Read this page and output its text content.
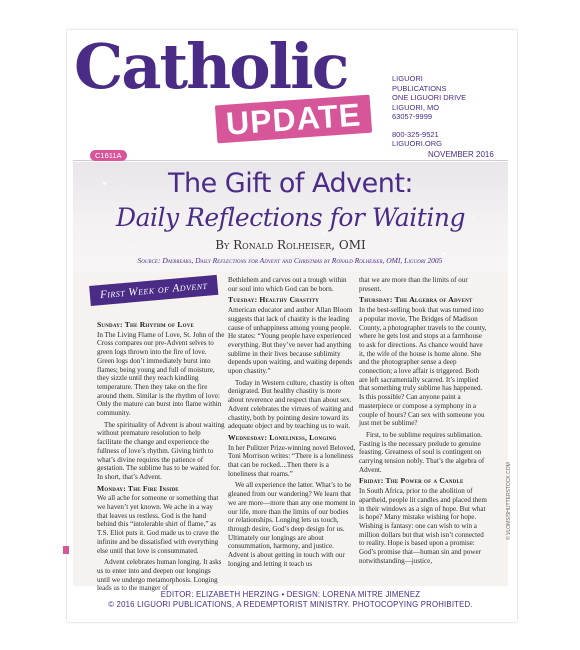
Catholic
UPDATE
LIGUORI
PUBLICATIONS
ONE LIGUORI DRIVE
LIGUORI, MO
63057-9999
800-325-9521
LIGUORI.ORG
C1611A	NOVEMBER 2016
The Gift of Advent:
Daily Reflections for Waiting
By Ronald Rolheiser, OMI
Source: Daybreaks, Daily Reflections for Advent and Christmas by Ronald Rolheiser, OMI, Liguori 2005
First Week of Advent
Sunday: The Rhythm of Love

In The Living Flame of Love, St. John of the Cross compares our pre-Advent selves to green logs thrown into the fire of love. Green logs don’t immediately burst into flames; being young and full of moisture, they sizzle until they reach kindling temperature. Then they take on the fire around them. Similar is the rhythm of love: Only the mature can burst into flame within community.

The spirituality of Advent is about waiting without premature resolution to help facilitate the change and experience the fullness of love’s rhythm. Giving birth to what’s divine requires the patience of gestation. The sublime has to be waited for. In short, that’s Advent.

Monday: The Fire Inside

We all ache for someone or something that we haven’t yet known. We ache in a way that leaves us restless. God is the hand behind this “intolerable shirt of flame,” as T.S. Eliot puts it. God made us to crave the infinite and be dissatisfied with everything else until that love is consummated.

Advent celebrates human longing. It asks us to enter into and deepen our longings until we undergo metamorphosis. Longing leads us to the manger of

Bethlehem and carves out a trough within our soul into which God can be born.

Tuesday: Healthy Chastity

American educator and author Allan Bloom suggests that lack of chastity is the leading cause of unhappiness among young people. He states: “Young people have experienced everything. But they’ve never had anything sublime in their lives because sublimity depends upon waiting, and waiting depends upon chastity.”

Today in Western culture, chastity is often denigrated. But healthy chastity is more about reverence and respect than about sex. Advent celebrates the virtues of waiting and chastity, both by pointing desire toward its adequate object and by teaching us to wait.

Wednesday: Loneliness, Longing

In her Pulitzer Prize-winning novel Beloved, Toni Morrison writes: “There is a loneliness that can be rocked....Then there is a loneliness that roams.”

We all experience the latter. What’s to be gleaned from our wandering? We learn that we are more—more than any one moment in our life, more than the limits of our bodies or relationships. Longing lets us touch, through desire, God’s deep design for us. Ultimately our longings are about consummation, harmony, and justice. Advent is about getting in touch with our longing and letting it teach us

that we are more than the limits of our present.

Thursday: The Algebra of Advent

In the best-selling book that was turned into a popular movie, The Bridges of Madison County, a photographer travels to the county, where he gets lost and stops at a farmhouse to ask for directions. As chance would have it, the wife of the house is home alone. She and the photographer sense a deep connection; a love affair is triggered. Both are left sacramentally scarred. It’s implied that something truly sublime has happened. Is this possible? Can anyone paint a masterpiece or compose a symphony in a couple of hours? Can sex with someone you just met be sublime?

First, to be sublime requires sublimation. Fasting is the necessary prelude to genuine feasting. Greatness of soul is contingent on carrying tension nobly. That’s the algebra of Advent.

Friday: The Power of a Candle

In South Africa, prior to the abolition of apartheid, people lit candles and placed them in their windows as a sign of hope. But what is hope? Many mistake wishing for hope. Wishing is fantasy: one can wish to win a million dollars but that wish isn’t connected to reality. Hope is based upon a promise: God’s promise that—human sin and power notwithstanding—justice,

© VLOMS/SHUTTERSTOCK.COM
EDITOR: ELIZABETH HERZING • DESIGN: LORENA MITRE JIMENEZ
© 2016 LIGUORI PUBLICATIONS, A REDEMPTORIST MINISTRY. PHOTOCOPYING PROHIBITED.
